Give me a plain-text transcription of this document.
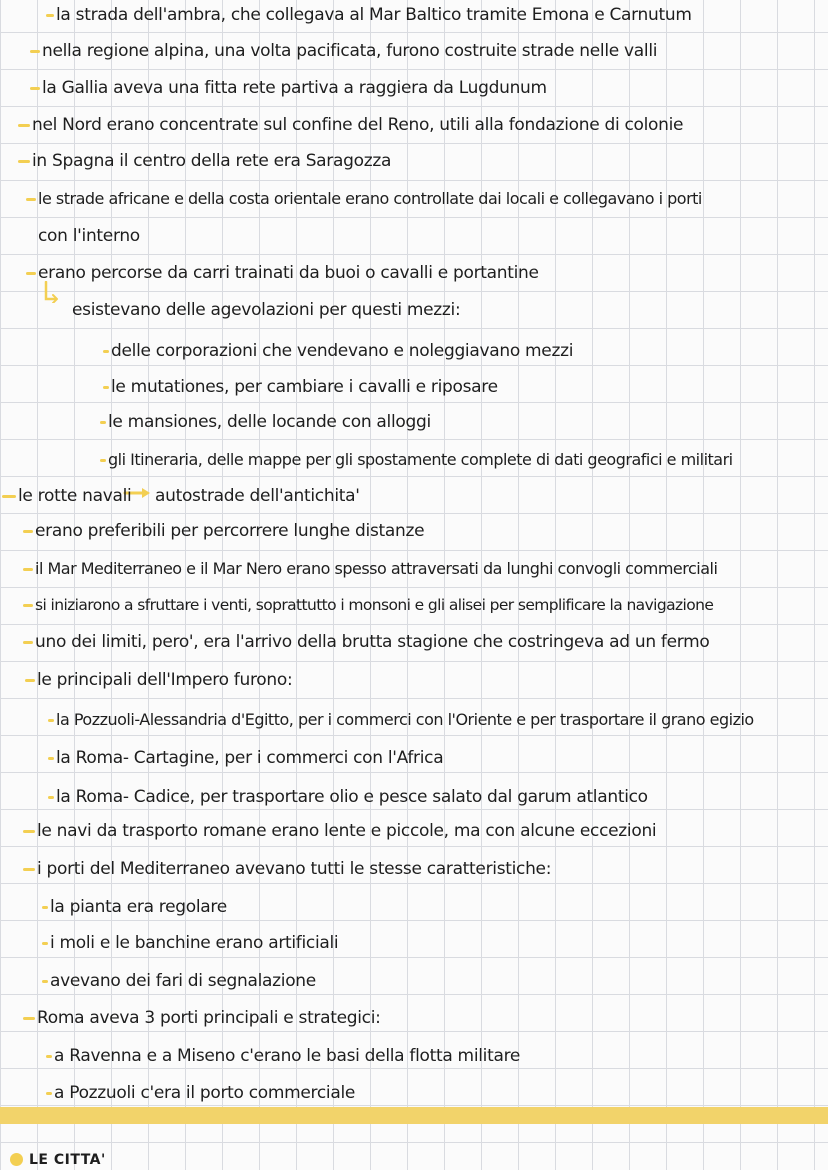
la strada dell'ambra, che collegava al Mar Baltico tramite Emona e Carnutum
nella regione alpina, una volta pacificata, furono costruite strade nelle valli
la Gallia aveva una fitta rete partiva a raggiera da Lugdunum
nel Nord erano concentrate sul confine del Reno, utili alla fondazione di colonie
in Spagna il centro della rete era Saragozza
le strade africane e della costa orientale erano controllate dai locali e collegavano i porti
con l'interno
erano percorse da carri trainati da buoi o cavalli e portantine
esistevano delle agevolazioni per questi mezzi:
delle corporazioni che vendevano e noleggiavano mezzi
le mutationes, per cambiare i cavalli e riposare
le mansiones, delle locande con alloggi
gli Itineraria, delle mappe per gli spostamente complete di dati geografici e militari
le rotte navali autostrade dell'antichita'
erano preferibili per percorrere lunghe distanze
il Mar Mediterraneo e il Mar Nero erano spesso attraversati da lunghi convogli commerciali
si iniziarono a sfruttare i venti, soprattutto i monsoni e gli alisei per semplificare la navigazione
uno dei limiti, pero', era l'arrivo della brutta stagione che costringeva ad un fermo
le principali dell'Impero furono:
la Pozzuoli-Alessandria d'Egitto, per i commerci con l'Oriente e per trasportare il grano egizio
la Roma- Cartagine, per i commerci con l'Africa
la Roma- Cadice, per trasportare olio e pesce salato dal garum atlantico
le navi da trasporto romane erano lente e piccole, ma con alcune eccezioni
i porti del Mediterraneo avevano tutti le stesse caratteristiche:
la pianta era regolare
i moli e le banchine erano artificiali
avevano dei fari di segnalazione
Roma aveva 3 porti principali e strategici:
a Ravenna e a Miseno c'erano le basi della flotta militare
a Pozzuoli c'era il porto commerciale
LE CITTA'
